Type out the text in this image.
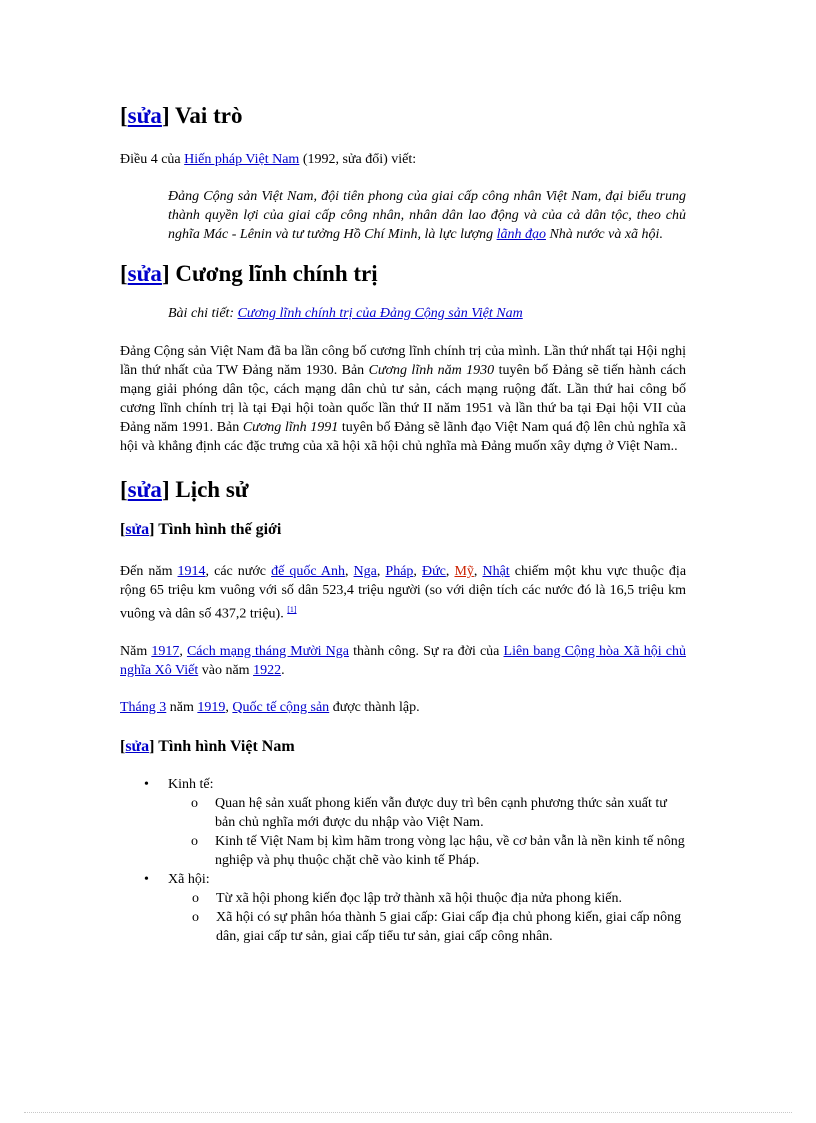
[sửa] Vai trò

Điều 4 của Hiến pháp Việt Nam (1992, sửa đổi) viết:

Đảng Cộng sản Việt Nam, đội tiên phong của giai cấp công nhân Việt Nam, đại biểu trung thành quyền lợi của giai cấp công nhân, nhân dân lao động và của cả dân tộc, theo chủ nghĩa Mác - Lênin và tư tưởng Hồ Chí Minh, là lực lượng lãnh đạo Nhà nước và xã hội.

[sửa] Cương lĩnh chính trị

Bài chi tiết: Cương lĩnh chính trị của Đảng Cộng sản Việt Nam

Đảng Cộng sản Việt Nam đã ba lần công bố cương lĩnh chính trị của mình. Lần thứ nhất tại Hội nghị lần thứ nhất của TW Đảng năm 1930. Bản Cương lĩnh năm 1930 tuyên bố Đảng sẽ tiến hành cách mạng giải phóng dân tộc, cách mạng dân chủ tư sản, cách mạng ruộng đất. Lần thứ hai công bố cương lĩnh chính trị là tại Đại hội toàn quốc lần thứ II năm 1951 và lần thứ ba tại Đại hội VII của Đảng năm 1991. Bản Cương lĩnh 1991 tuyên bố Đảng sẽ lãnh đạo Việt Nam quá độ lên chủ nghĩa xã hội và khẳng định các đặc trưng của xã hội xã hội chủ nghĩa mà Đảng muốn xây dựng ở Việt Nam..

[sửa] Lịch sử
[sửa] Tình hình thế giới

Đến năm 1914, các nước đế quốc Anh, Nga, Pháp, Đức, Mỹ, Nhật chiếm một khu vực thuộc địa rộng 65 triệu km vuông với số dân 523,4 triệu người (so với diện tích các nước đó là 16,5 triệu km vuông và dân số 437,2 triệu). [1]

Năm 1917, Cách mạng tháng Mười Nga thành công. Sự ra đời của Liên bang Cộng hòa Xã hội chủ nghĩa Xô Viết vào năm 1922.

Tháng 3 năm 1919, Quốc tế cộng sản được thành lập.

[sửa] Tình hình Việt Nam
• Kinh tế:
o Quan hệ sản xuất phong kiến vẫn được duy trì bên cạnh phương thức sản xuất tư bản chủ nghĩa mới được du nhập vào Việt Nam.
o Kinh tế Việt Nam bị kìm hãm trong vòng lạc hậu, về cơ bản vẫn là nền kinh tế nông nghiệp và phụ thuộc chặt chẽ vào kinh tế Pháp.
• Xã hội:
o Từ xã hội phong kiến đọc lập trở thành xã hội thuộc địa nửa phong kiến.
o Xã hội có sự phân hóa thành 5 giai cấp: Giai cấp địa chủ phong kiến, giai cấp nông dân, giai cấp tư sản, giai cấp tiểu tư sản, giai cấp công nhân.
